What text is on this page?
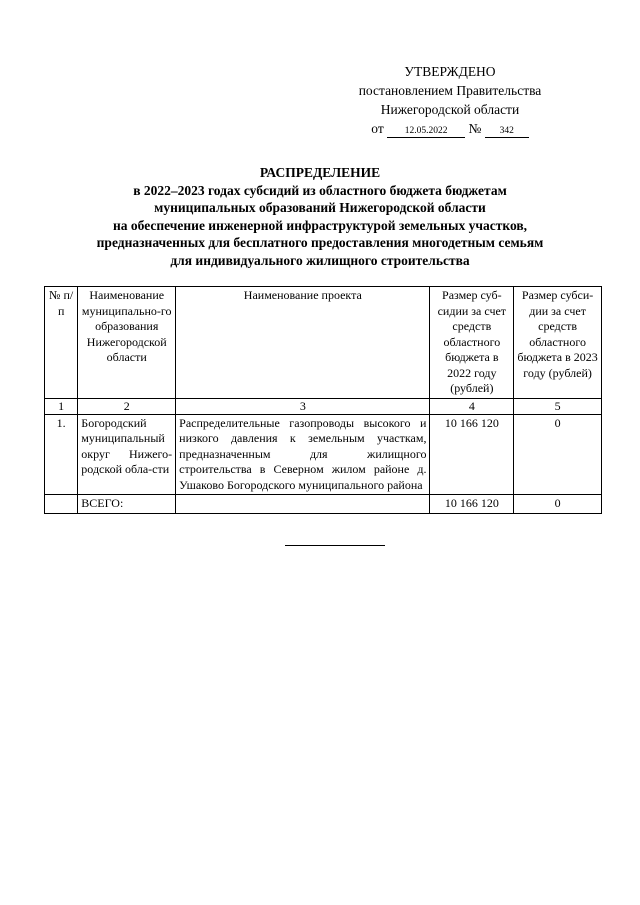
УТВЕРЖДЕНО
постановлением Правительства
Нижегородской области
от 12.05.2022 № 342
РАСПРЕДЕЛЕНИЕ
в 2022–2023 годах субсидий из областного бюджета бюджетам
муниципальных образований Нижегородской области
на обеспечение инженерной инфраструктурой земельных участков,
предназначенных для бесплатного предоставления многодетным семьям
для индивидуального жилищного строительства
№ п/п	Наименование муниципально-го образования Нижегородской области	Наименование проекта	Размер суб-сидии за счет средств областного бюджета в 2022 году (рублей)	Размер субси-дии за счет средств областного бюджета в 2023 году (рублей)
1	2	3	4	5
1.	Богородский муниципальный округ Нижего-родской обла-сти	Распределительные газопроводы высокого и низкого давления к земельным участкам, предназначенным для жилищного строительства в Северном жилом районе д. Ушаково Богородского муниципального района	10 166 120	0
	ВСЕГО:		10 166 120	0
